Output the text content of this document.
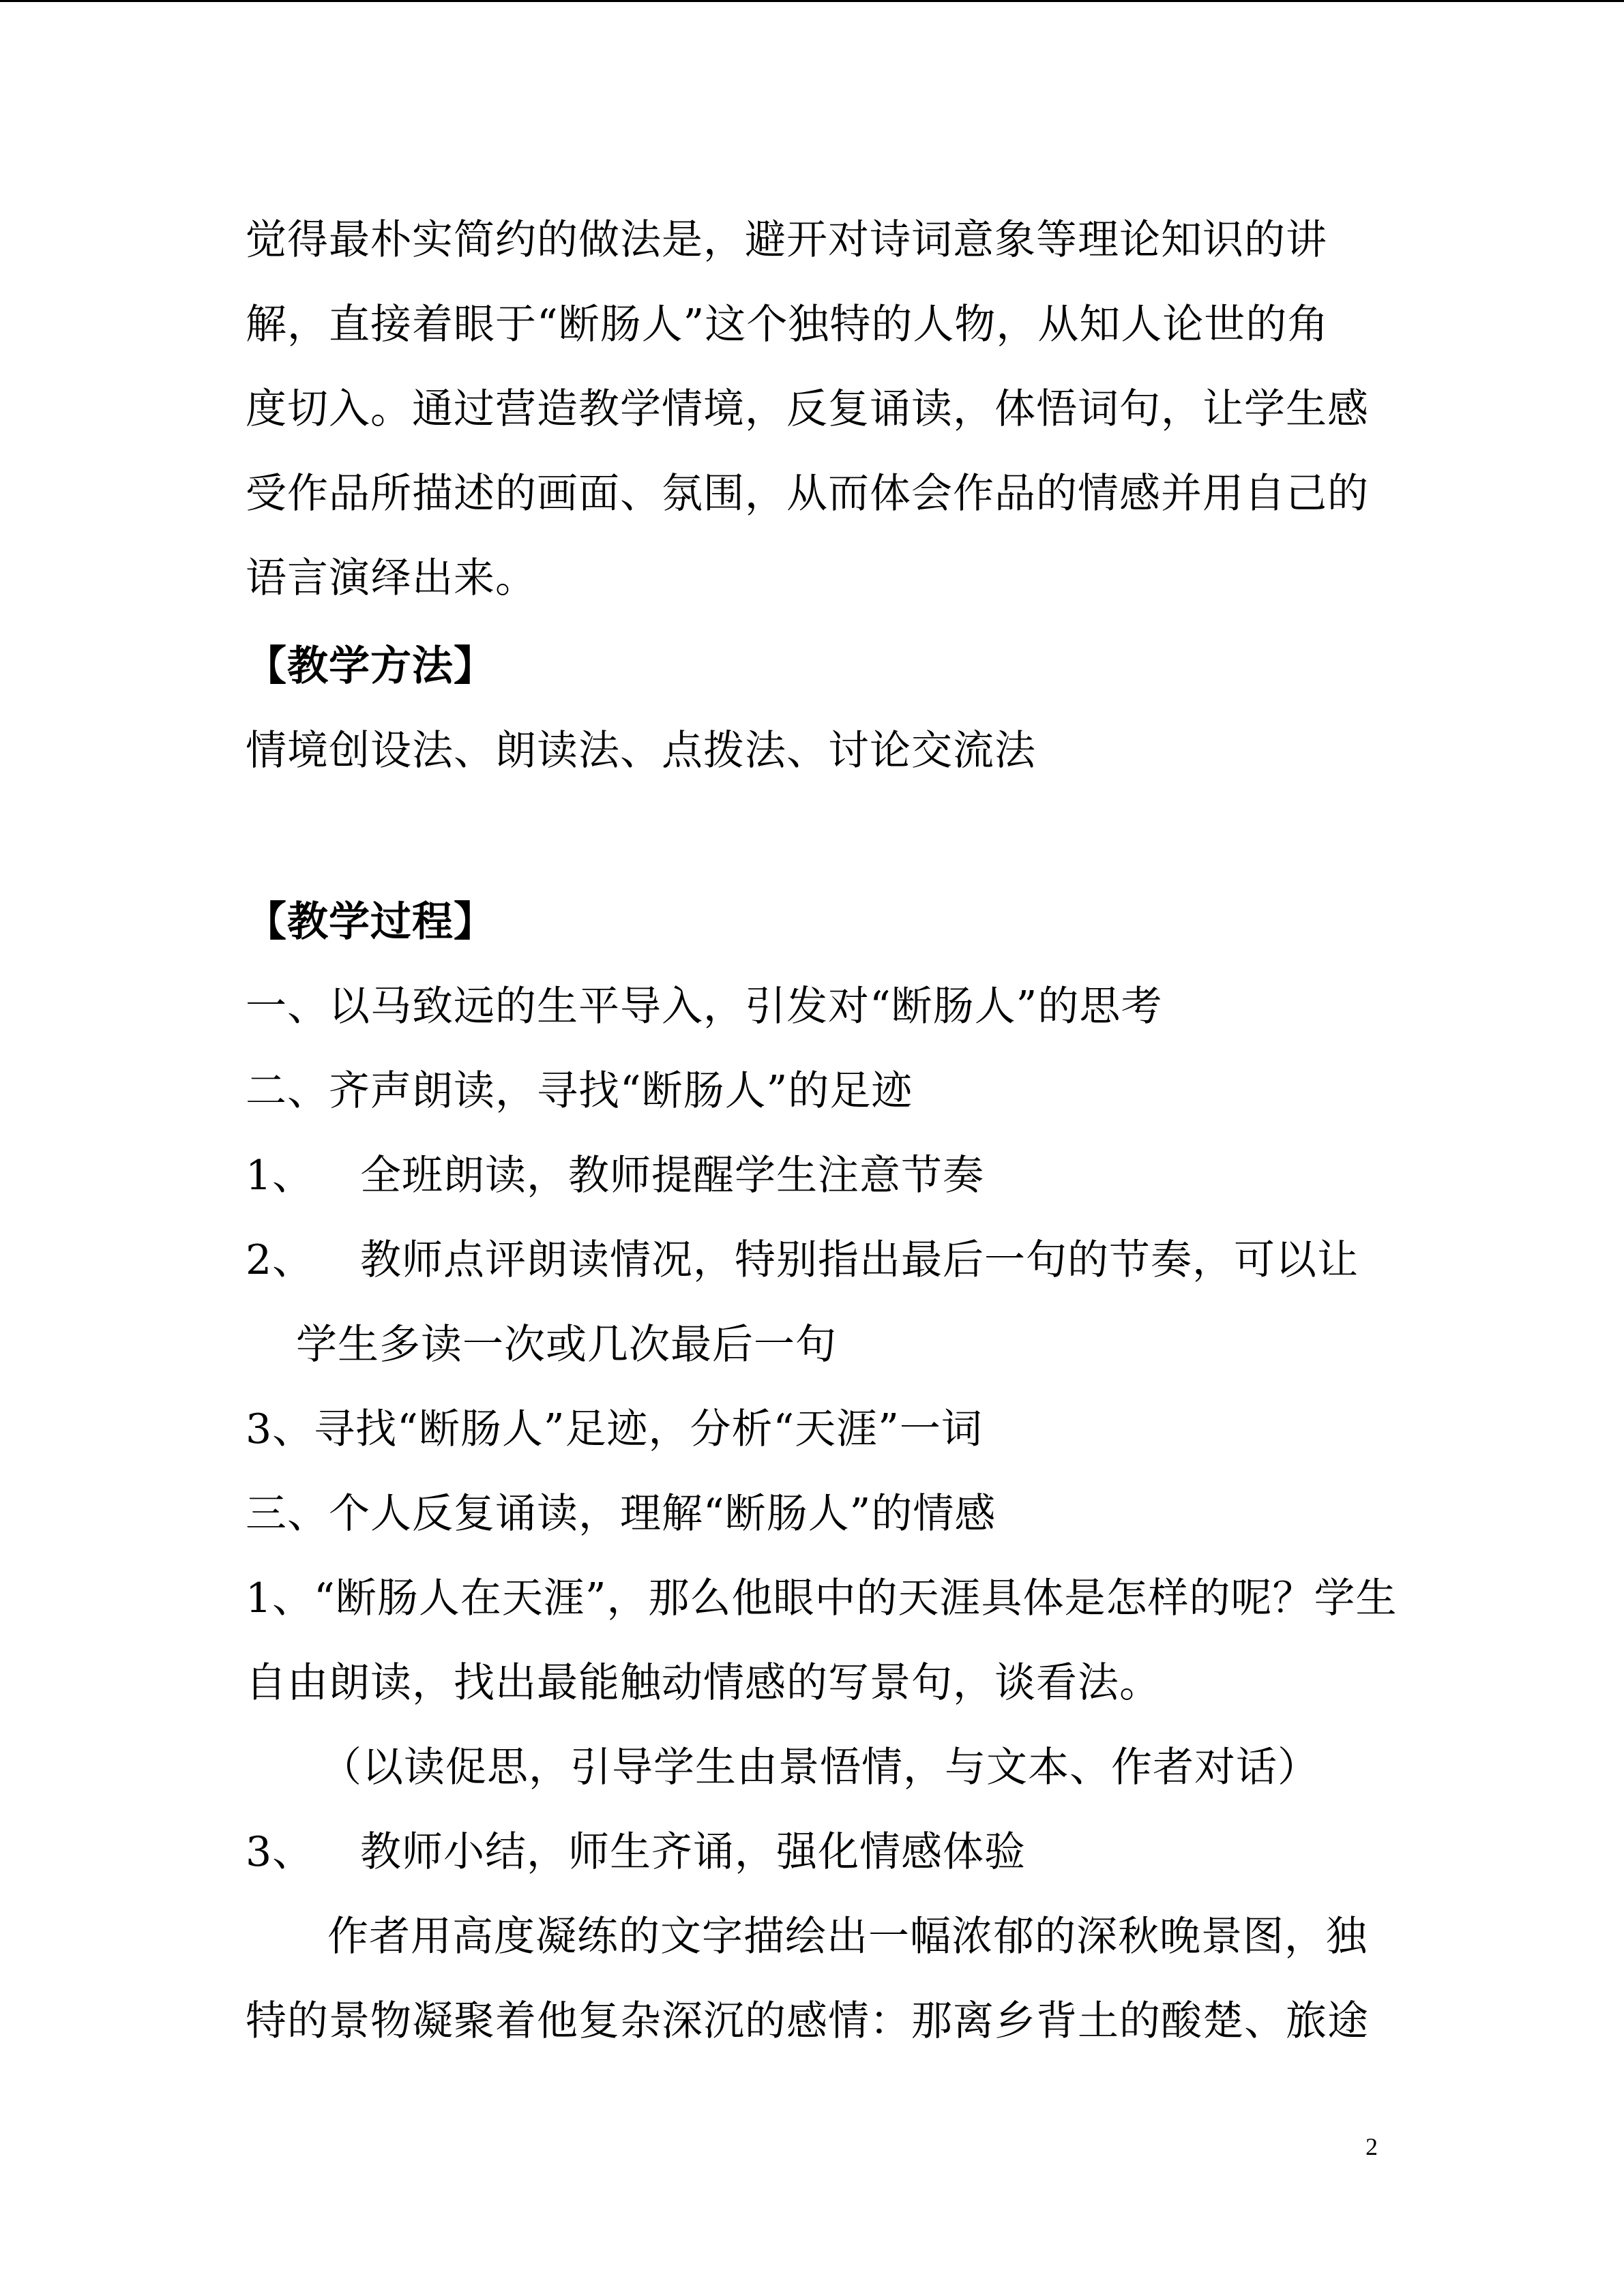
觉得最朴实简约的做法是，避开对诗词意象等理论知识的讲
解，直接着眼于“断肠人”这个独特的人物，从知人论世的角
度切入。通过营造教学情境，反复诵读，体悟词句，让学生感
受作品所描述的画面、氛围，从而体会作品的情感并用自己的
语言演绎出来。
【教学方法】
情境创设法、朗读法、点拨法、讨论交流法
【教学过程】
一、以马致远的生平导入，引发对“断肠人”的思考
二、齐声朗读，寻找“断肠人”的足迹
1、 全班朗读，教师提醒学生注意节奏
2、 教师点评朗读情况，特别指出最后一句的节奏，可以让
学生多读一次或几次最后一句
3、寻找“断肠人”足迹，分析“天涯”一词
三、个人反复诵读，理解“断肠人”的情感
1、“断肠人在天涯”，那么他眼中的天涯具体是怎样的呢？学生
自由朗读，找出最能触动情感的写景句，谈看法。
（以读促思，引导学生由景悟情，与文本、作者对话）
3、 教师小结，师生齐诵，强化情感体验
作者用高度凝练的文字描绘出一幅浓郁的深秋晚景图，独
特的景物凝聚着他复杂深沉的感情：那离乡背土的酸楚、旅途
2
